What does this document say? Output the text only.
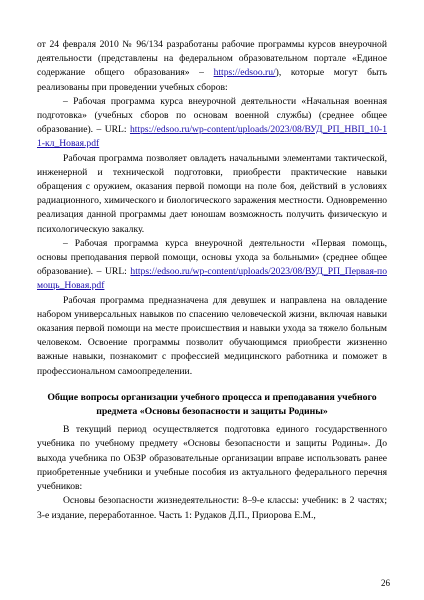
от 24 февраля 2010 № 96/134 разработаны рабочие программы курсов внеурочной деятельности (представлены на федеральном образовательном портале «Единое содержание общего образования» – https://edsoo.ru/), которые могут быть реализованы при проведении учебных сборов:

– Рабочая программа курса внеурочной деятельности «Начальная военная подготовка» (учебных сборов по основам военной службы) (среднее общее образование). – URL: https://edsoo.ru/wp-content/uploads/2023/08/ВУД_РП_НВП_10-11-кл_Новая.pdf

Рабочая программа позволяет овладеть начальными элементами тактической, инженерной и технической подготовки, приобрести практические навыки обращения с оружием, оказания первой помощи на поле боя, действий в условиях радиационного, химического и биологического заражения местности. Одновременно реализация данной программы дает юношам возможность получить физическую и психологическую закалку.

– Рабочая программа курса внеурочной деятельности «Первая помощь, основы преподавания первой помощи, основы ухода за больными» (среднее общее образование). – URL: https://edsoo.ru/wp-content/uploads/2023/08/ВУД_РП_Первая-помощь_Новая.pdf

Рабочая программа предназначена для девушек и направлена на овладение набором универсальных навыков по спасению человеческой жизни, включая навыки оказания первой помощи на месте происшествия и навыки ухода за тяжело больным человеком. Освоение программы позволит обучающимся приобрести жизненно важные навыки, познакомит с профессией медицинского работника и поможет в профессиональном самоопределении.

Общие вопросы организации учебного процесса и преподавания учебного предмета «Основы безопасности и защиты Родины»

В текущий период осуществляется подготовка единого государственного учебника по учебному предмету «Основы безопасности и защиты Родины». До выхода учебника по ОБЗР образовательные организации вправе использовать ранее приобретенные учебники и учебные пособия из актуального федерального перечня учебников:

Основы безопасности жизнедеятельности: 8–9-е классы: учебник: в 2 частях; 3-е издание, переработанное. Часть 1: Рудаков Д.П., Приорова Е.М.,

26
